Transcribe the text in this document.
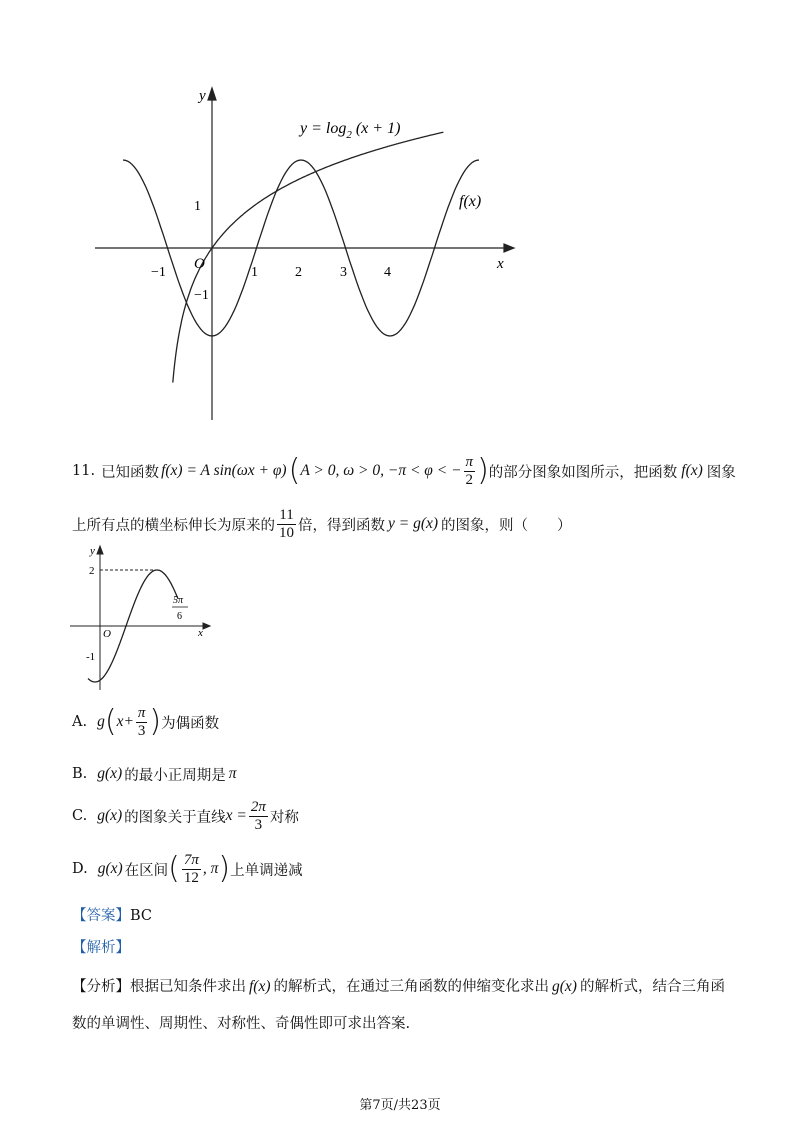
y
x
O
−1	1	2	3	4
1
−1
$y = \log_2 (x + 1)$
f(x)
11. 已知函数 f(x) = A sin(ωx + φ) ( A > 0, ω > 0, −π < φ < − $\frac{\pi}{2}$ ) 的部分图象如图所示，把函数 f(x) 图象
上所有点的横坐标伸长为原来的 $\frac{11}{10}$ 倍，得到函数 y = g(x) 的图象，则（　　）
y
x
O
2
-1
5π
6
A. g ( $x+ \frac{\pi}{3}$ ) 为偶函数
B. g(x) 的最小正周期是 π
C. g(x) 的图象关于直线 $x = \frac{2\pi}{3}$ 对称
D. g(x) 在区间 ( $\frac{7\pi}{12}$ , π ) 上单调递减
【答案】BC
【解析】
【分析】根据已知条件求出 f(x) 的解析式，在通过三角函数的伸缩变化求出 g(x) 的解析式，结合三角函
数的单调性、周期性、对称性、奇偶性即可求出答案.
第7页/共23页
